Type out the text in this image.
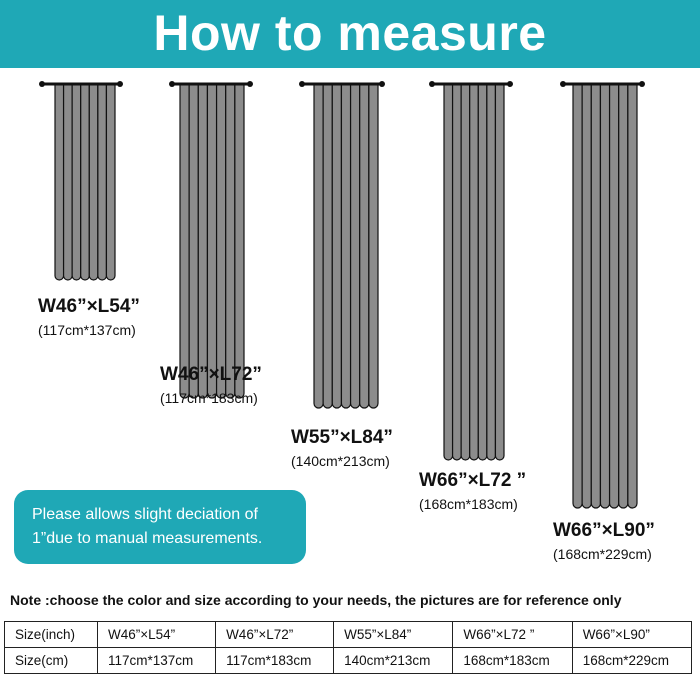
How to measure
W46”×L54”
(117cm*137cm)
W46”×L72”
(117cm*183cm)
W55”×L84”
(140cm*213cm)
W66”×L72 ”
(168cm*183cm)
W66”×L90”
(168cm*229cm)
Please allows slight deciation of
1”due to manual measurements.
Note :choose the color and size according to your needs, the pictures are for reference only
Size(inch)	W46”×L54”	W46”×L72”	W55”×L84”	W66”×L72 ”	W66”×L90”
Size(cm)	117cm*137cm	117cm*183cm	140cm*213cm	168cm*183cm	168cm*229cm
